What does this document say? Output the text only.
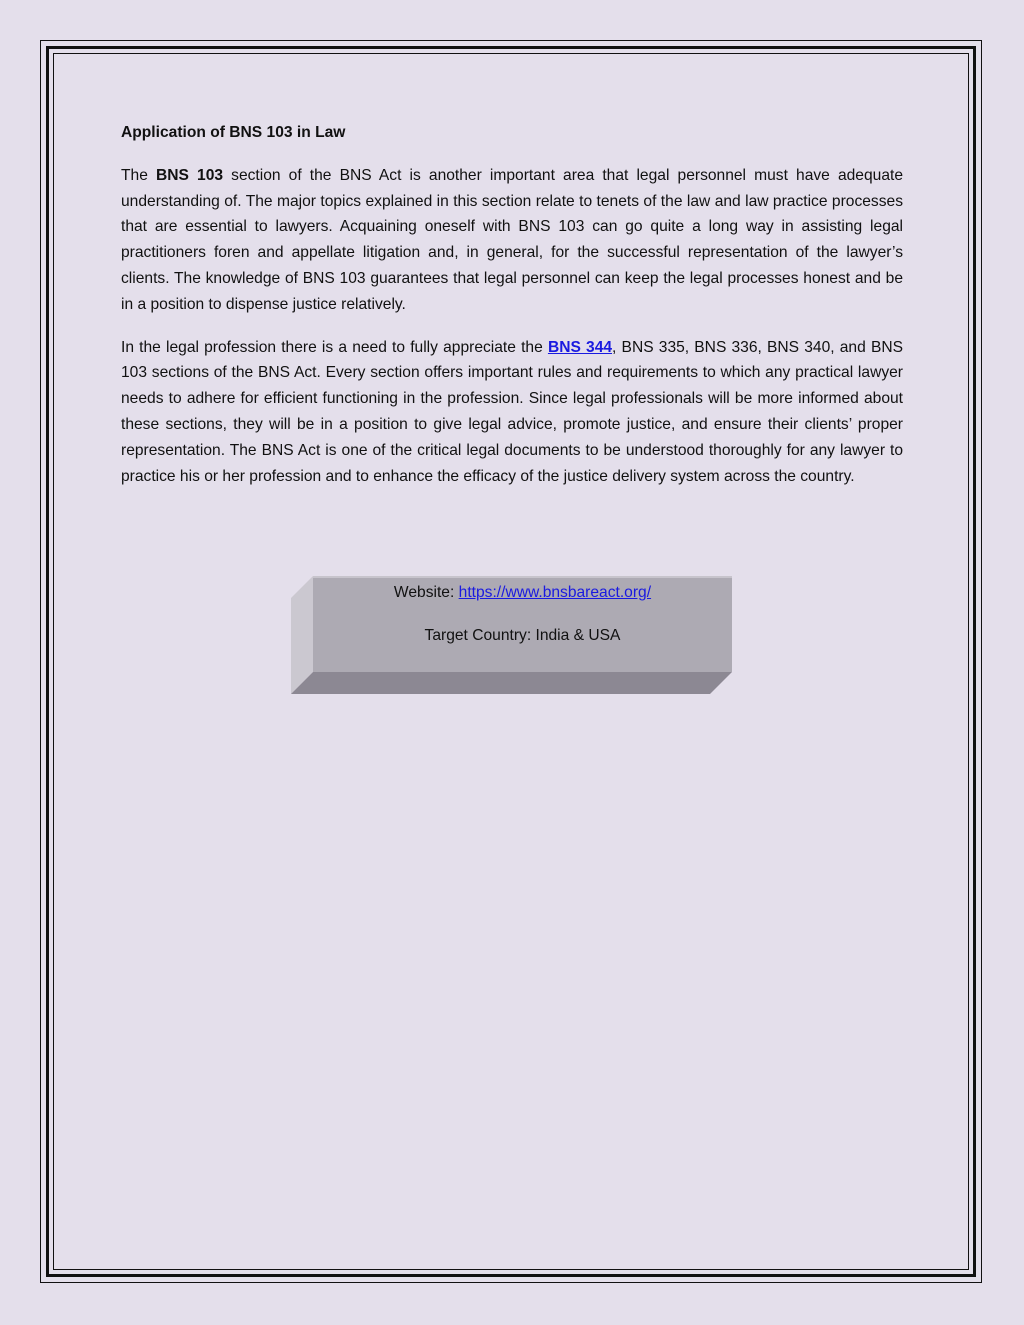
Application of BNS 103 in Law

The BNS 103 section of the BNS Act is another important area that legal personnel must have adequate understanding of. The major topics explained in this section relate to tenets of the law and law practice processes that are essential to lawyers. Acquaining oneself with BNS 103 can go quite a long way in assisting legal practitioners foren and appellate litigation and, in general, for the successful representation of the lawyer’s clients. The knowledge of BNS 103 guarantees that legal personnel can keep the legal processes honest and be in a position to dispense justice relatively.

In the legal profession there is a need to fully appreciate the BNS 344, BNS 335, BNS 336, BNS 340, and BNS 103 sections of the BNS Act. Every section offers important rules and requirements to which any practical lawyer needs to adhere for efficient functioning in the profession. Since legal professionals will be more informed about these sections, they will be in a position to give legal advice, promote justice, and ensure their clients’ proper representation. The BNS Act is one of the critical legal documents to be understood thoroughly for any lawyer to practice his or her profession and to enhance the efficacy of the justice delivery system across the country.

Website: https://www.bnsbareact.org/
Target Country: India & USA
